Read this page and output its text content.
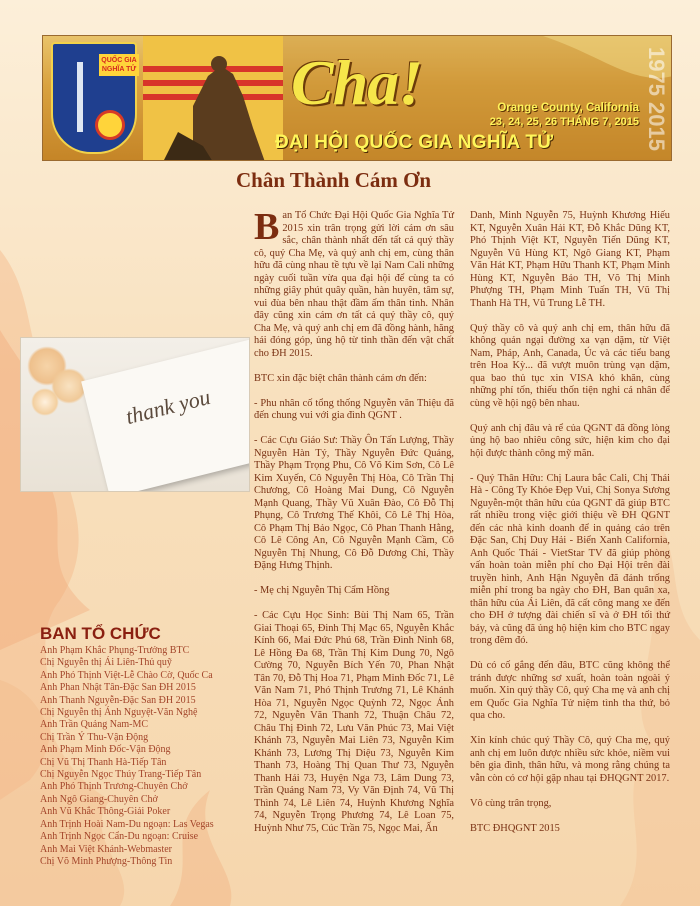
QUỐC GIA NGHĨA TỬ Cha!	Orange County, California
23, 24, 25, 26 THÁNG 7, 2015
ĐẠI HỘI QUỐC GIA NGHĨA TỬ	1975 2015
Chân Thành Cám Ơn
thank you

Ban Tổ Chức Đại Hội Quốc Gia Nghĩa Tử 2015 xin trân trọng gửi lời cám ơn sâu sắc, chân thành nhất đến tất cả quý thầy cô, quý Cha Mẹ, và quý anh chị em, cùng thân hữu đã cùng nhau tề tựu về lại Nam Cali những ngày cuối tuần vừa qua đại hội để cùng ta có những giây phút quây quần, hàn huyên, tâm sự, vui đùa bên nhau thật đầm ấm thân tình. Nhân đây cũng xin cám ơn tất cả quý thầy cô, quý Cha Mẹ, và quý anh chị em đã đồng hành, hăng hái đóng góp, ủng hộ từ tinh thần đến vật chất cho ĐH 2015.

BTC xin đặc biệt chân thành cám ơn đến:

- Phu nhân cố tổng thống Nguyễn văn Thiệu đã đến chung vui với gia đình QGNT .

- Các Cựu Giáo Sư: Thầy Ôn Tấn Lượng, Thầy Nguyễn Hàn Tý, Thầy Nguyễn Đức Quảng, Thầy Phạm Trọng Phu, Cô Võ Kim Sơn, Cô Lê Kim Xuyến, Cô Nguyễn Thị Hòa, Cô Trần Thị Chương, Cô Hoàng Mai Dung, Cô Nguyễn Mạnh Quang, Thầy Vũ Xuân Đào, Cô Đỗ Thị Phụng, Cô Trương Thế Khôi, Cô Lê Thị Hòa, Cô Phạm Thị Bảo Ngọc, Cô Phan Thanh Hằng, Cô Lê Công An, Cô Nguyễn Mạnh Cầm, Cô Nguyễn Thị Nhung, Cô Đỗ Dương Chi, Thầy Đặng Hưng Thịnh.

- Mẹ chị Nguyễn Thị Cẩm Hồng

- Các Cựu Học Sinh: Bùi Thị Nam 65, Trần Giai Thoại 65, Đinh Thị Mạc 65, Nguyễn Khắc Kính 66, Mai Đức Phú 68, Trần Đình Ninh 68, Lê Hồng Đa 68, Trần Thị Kim Dung 70, Ngô Cường 70, Nguyễn Bích Yến 70, Phan Nhật Tân 70, Đỗ Thị Hoa 71, Phạm Minh Đốc 71, Lê Văn Nam 71, Phó Thịnh Trương 71, Lê Khánh Hòa 71, Nguyễn Ngọc Quỳnh 72, Ngọc Ánh 72, Nguyễn Văn Thanh 72, Thuận Châu 72, Châu Thị Đình 72, Lưu Văn Phúc 73, Mai Việt Khánh 73, Nguyễn Mai Liên 73, Nguyễn Kim Khánh 73, Lương Thị Diệu 73, Nguyễn Kim Thanh 73, Hoàng Thị Quan Thư 73, Nguyễn Thanh Hải 73, Huyện Nga 73, Lâm Dung 73, Trần Quảng Nam 73, Vy Văn Định 74, Vũ Thị Thình 74, Lê Liên 74, Huỳnh Khương Nghĩa 74, Nguyễn Trọng Phương 74, Lê Loan 75, Huỳnh Như 75, Cúc Trần 75, Ngọc Mai, Ấn

Danh, Minh Nguyễn 75, Huỳnh Khương Hiếu KT, Nguyễn Xuân Hải KT, Đỗ Khắc Dũng KT, Phó Thịnh Việt KT, Nguyễn Tiến Dũng KT, Nguyễn Vũ Hùng KT, Ngô Giang KT, Phạm Văn Hát KT, Phạm Hữu Thanh KT, Phạm Minh Hùng KT, Nguyễn Bảo TH, Võ Thị Minh Phượng TH, Phạm Minh Tuấn TH, Vũ Thị Thanh Hà TH, Vũ Trung Lễ TH.

Quý thầy cô và quý anh chị em, thân hữu đã không quản ngại đường xa vạn dặm, từ Việt Nam, Pháp, Anh, Canada, Úc và các tiểu bang trên Hoa Kỳ... đã vượt muôn trùng vạn dặm, qua bao thủ tục xin VISA khó khăn, cùng những phí tốn, thiếu thốn tiện nghi cá nhân để cùng về hội ngộ bên nhau.

Quý anh chị đâu và rể của QGNT đã đồng lòng ủng hộ bao nhiêu công sức, hiện kim cho đại hội được thành công mỹ mãn.

- Quý Thân Hữu: Chị Laura bắc Cali, Chị Thái Hà - Công Ty Khỏe Đẹp Vui, Chị Sonya Sương Nguyễn-một thân hữu của QGNT đã giúp BTC rất nhiều trong việc giới thiệu về ĐH QGNT đến các nhà kinh doanh để in quảng cáo trên Đặc San, Chị Duy Hải - Biển Xanh California, Anh Quốc Thái - VietStar TV đã giúp phòng vấn hoàn toàn miễn phí cho Đại Hội trên đài truyền hình, Anh Hận Nguyễn đã đảnh trống miễn phí trong ba ngày cho ĐH, Ban quân xa, thân hữu của Ái Liên, đã cất công mang xe đến cho ĐH ở tượng đài chiến sĩ và ở ĐH tối thứ bảy, và cũng đã ủng hộ hiện kim cho BTC ngay trong đêm đó.

Dù có cố gắng đến đâu, BTC cũng không thể tránh được những sơ xuất, hoàn toàn ngoài ý muốn. Xin quý thầy Cô, quý Cha mẹ và anh chị em Quốc Gia Nghĩa Tử niệm tình tha thứ, bỏ qua cho.

Xin kính chúc quý Thầy Cô, quý Cha mẹ, quý anh chị em luôn được nhiều sức khỏe, niềm vui bên gia đình, thân hữu, và mong rằng chúng ta vẫn còn có cơ hội gặp nhau tại ĐHQGNT 2017.

Vô cùng trân trọng,

BTC ĐHQGNT 2015

BAN TỔ CHỨC
Anh Phạm Khắc Phụng-Trưởng BTC
Chị Nguyễn thị Ái Liên-Thủ quỹ
Anh Phó Thịnh Việt-Lễ Chào Cờ, Quốc Ca
Anh Phan Nhật Tân-Đặc San ĐH 2015
Anh Thanh Nguyễn-Đặc San ĐH 2015
Chị Nguyễn thị Ánh Nguyệt-Văn Nghệ
Anh Trần Quảng Nam-MC
Chị Trần Ý Thu-Vận Động
Anh Phạm Minh Đốc-Vận Động
Chị Vũ Thị Thanh Hà-Tiếp Tân
Chị Nguyễn Ngọc Thúy Trang-Tiếp Tân
Anh Phó Thịnh Trương-Chuyên Chở
Anh Ngô Giang-Chuyên Chở
Anh Vũ Khắc Thông-Giải Poker
Anh Trịnh Hoài Nam-Du ngoạn: Las Vegas
Anh Trịnh Ngọc Cẩn-Du ngoạn: Cruise
Anh Mai Việt Khánh-Webmaster
Chị Võ Minh Phượng-Thông Tin
